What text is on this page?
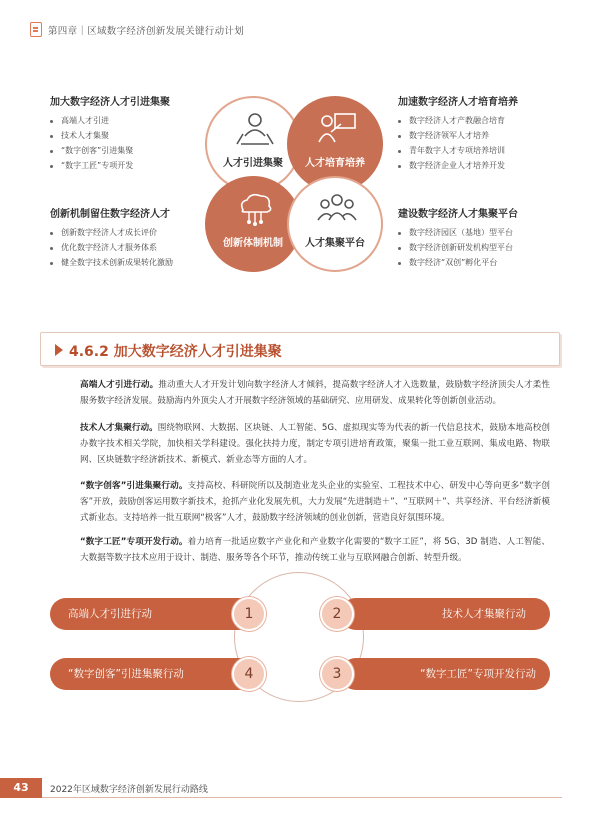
第四章｜区域数字经济创新发展关键行动计划
加大数字经济人才引进集聚
高端人才引进
技术人才集聚
“数字创客”引进集聚
“数字工匠”专项开发
加速数字经济人才培育培养
数字经济人才产教融合培育
数字经济领军人才培养
青年数字人才专项培养培训
数字经济企业人才培养开发
创新机制留住数字经济人才
创新数字经济人才成长评价
优化数字经济人才服务体系
健全数字技术创新成果转化激励
建设数字经济人才集聚平台
数字经济园区（基地）型平台
数字经济创新研发机构型平台
数字经济“双创”孵化平台
人才引进集聚	人才培育培养
创新体制机制	人才集聚平台
4.6.2 加大数字经济人才引进集聚

高端人才引进行动。推动重大人才开发计划向数字经济人才倾斜，提高数字经济人才入选数量，鼓励数字经济顶尖人才柔性服务数字经济发展。鼓励海内外顶尖人才开展数字经济领域的基础研究、应用研发、成果转化等创新创业活动。

技术人才集聚行动。围绕物联网、大数据、区块链、人工智能、5G、虚拟现实等为代表的新一代信息技术，鼓励本地高校创办数字技术相关学院，加快相关学科建设。强化扶持力度，制定专项引进培育政策，聚集一批工业互联网、集成电路、物联网、区块链数字经济新技术、新模式、新业态等方面的人才。

“数字创客”引进集聚行动。支持高校、科研院所以及制造业龙头企业的实验室、工程技术中心、研发中心等向更多“数字创客”开放，鼓励创客运用数字新技术，抢抓产业化发展先机，大力发展“先进制造＋”、“互联网＋”、共享经济、平台经济新模式新业态。支持培养一批互联网“极客”人才，鼓励数字经济领域的创业创新，营造良好氛围环境。

“数字工匠”专项开发行动。着力培育一批适应数字产业化和产业数字化需要的“数字工匠”，将 5G、3D 制造、人工智能、大数据等数字技术应用于设计、制造、服务等各个环节，推动传统工业与互联网融合创新、转型升级。

高端人才引进行动	技术人才集聚行动
“数字创客”引进集聚行动	“数字工匠”专项开发行动
1	2
4	3
43	2022年区域数字经济创新发展行动路线
